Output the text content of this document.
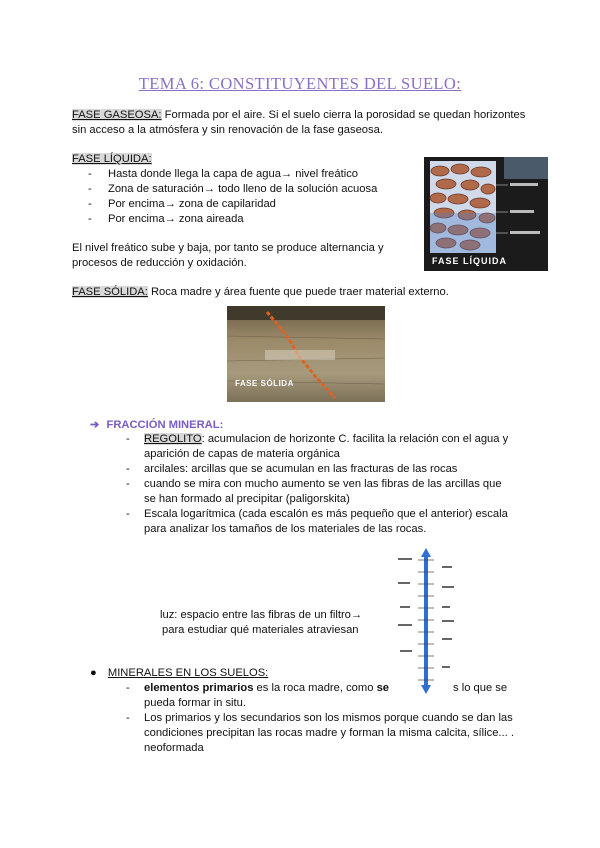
TEMA 6: CONSTITUYENTES DEL SUELO:
FASE GASEOSA: Formada por el aire. Si el suelo cierra la porosidad se quedan horizontes sin acceso a la atmósfera y sin renovación de la fase gaseosa.
FASE LÍQUIDA:
- Hasta donde llega la capa de agua→ nivel freático
- Zona de saturación→ todo lleno de la solución acuosa
- Por encima→ zona de capilaridad
- Por encima→ zona aireada
El nivel freático sube y baja, por tanto se produce alternancia y procesos de reducción y oxidación.	FASE LÍQUIDA
FASE SÓLIDA: Roca madre y área fuente que puede traer material externo.
FASE SÓLIDA
➔ FRACCIÓN MINERAL:
- REGOLITO: acumulacion de horizonte C. facilita la relación con el agua y aparición de capas de materia orgánica
- arcilales: arcillas que se acumulan en las fracturas de las rocas
- cuando se mira con mucho aumento se ven las fibras de las arcillas que se han formado al precipitar (paligorskita)
- Escala logarítmica (cada escalón es más pequeño que el anterior) escala para analizar los tamaños de los materiales de las rocas.
luz: espacio entre las fibras de un filtro→
para estudiar qué materiales atraviesan
● MINERALES EN LOS SUELOS:
- elementos primarios es la roca madre, como se	s lo que se
pueda formar in situ.
- Los primarios y los secundarios son los mismos porque cuando se dan las condiciones precipitan las rocas madre y forman la misma calcita, sílice... . neoformada
